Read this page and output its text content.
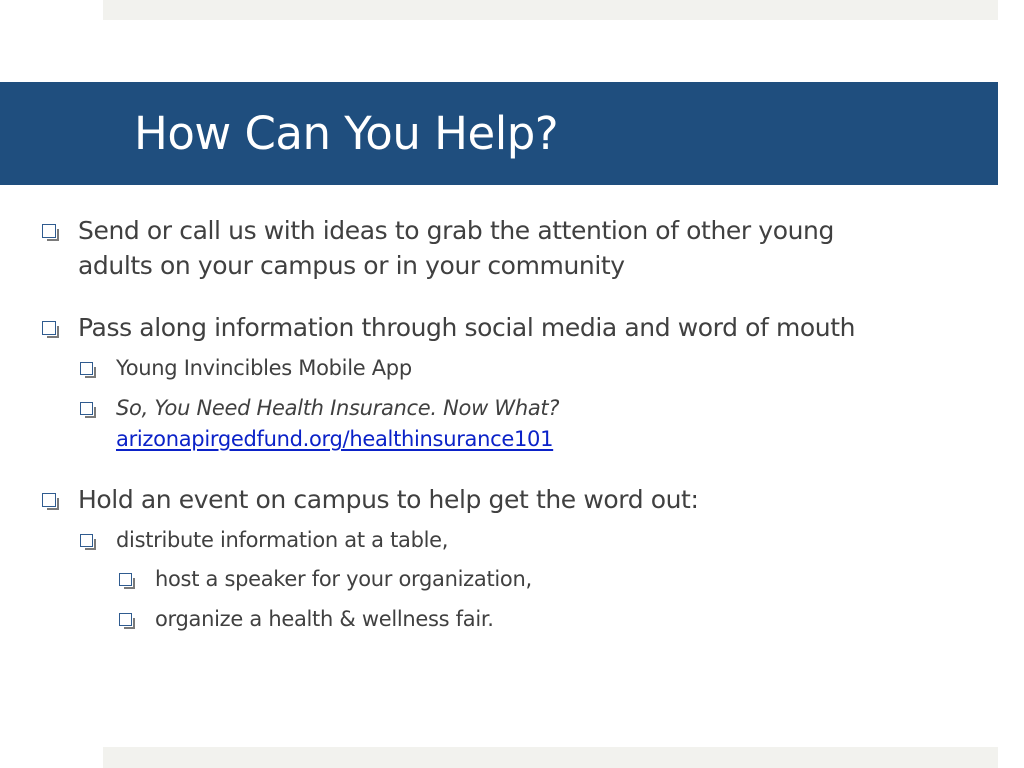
How Can You Help?
Send or call us with ideas to grab the attention of other young
adults on your campus or in your community
Pass along information through social media and word of mouth
Young Invincibles Mobile App
So, You Need Health Insurance. Now What?
arizonapirgedfund.org/healthinsurance101
Hold an event on campus to help get the word out:
distribute information at a table,
host a speaker for your organization,
organize a health & wellness fair.
